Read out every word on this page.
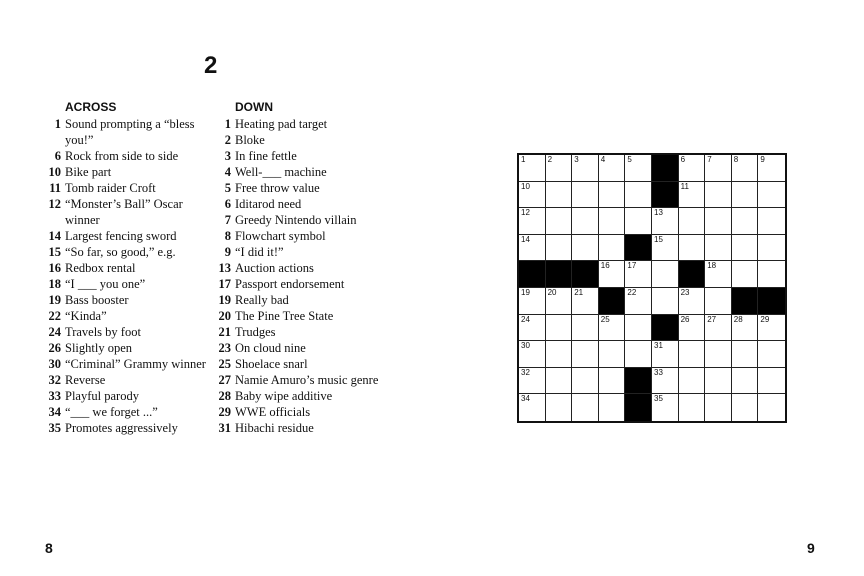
2
ACROSS
1 Sound prompting a “bless you!”
6 Rock from side to side
10 Bike part
11 Tomb raider Croft
12 “Monster’s Ball” Oscar winner
14 Largest fencing sword
15 “So far, so good,” e.g.
16 Redbox rental
18 “I ___ you one”
19 Bass booster
22 “Kinda”
24 Travels by foot
26 Slightly open
30 “Criminal” Grammy winner
32 Reverse
33 Playful parody
34 “___ we forget ...”
35 Promotes aggressively
DOWN
1 Heating pad target
2 Bloke
3 In fine fettle
4 Well-___ machine
5 Free throw value
6 Iditarod need
7 Greedy Nintendo villain
8 Flowchart symbol
9 “I did it!”
13 Auction actions
17 Passport endorsement
19 Really bad
20 The Pine Tree State
21 Trudges
23 On cloud nine
25 Shoelace snarl
27 Namie Amuro’s music genre
28 Baby wipe additive
29 WWE officials
31 Hibachi residue
1	2	3	4	5	6	7	8	9
10	11
12	13
14	15
16 17	18
19 20 21	22	23
24	25	26 27 28 29
30	31
32	33
34	35
8	9
